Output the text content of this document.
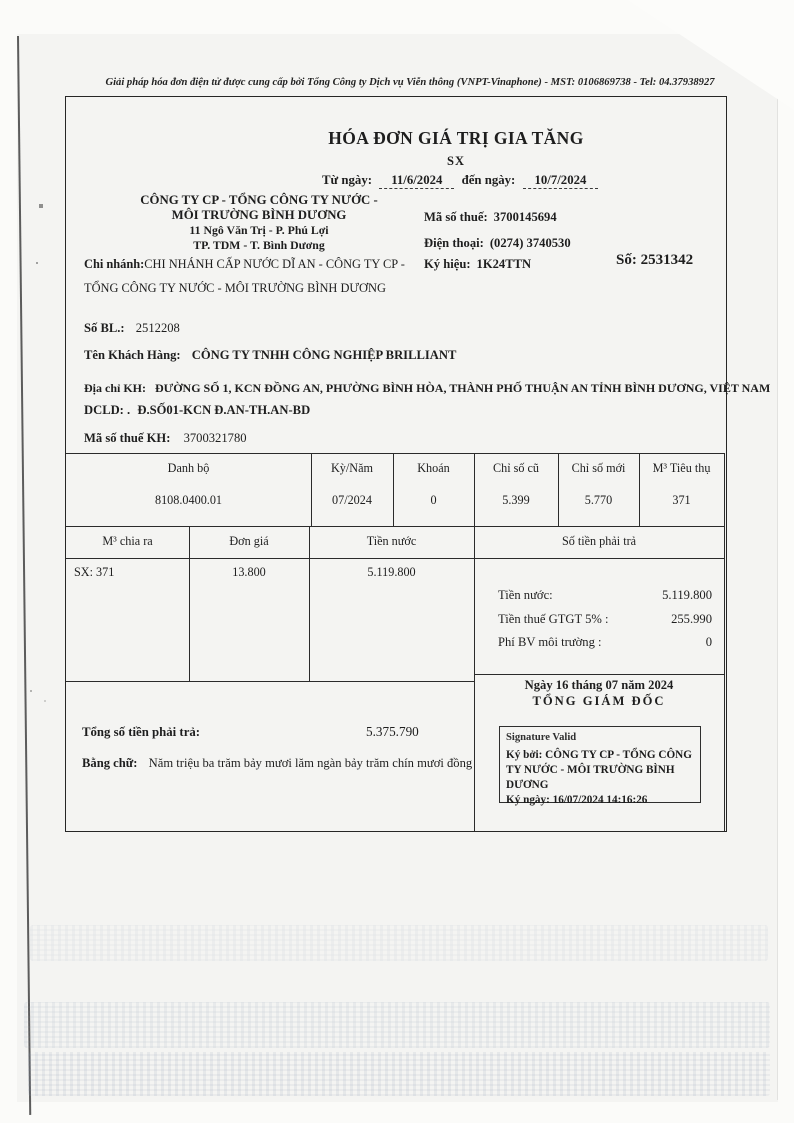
Giải pháp hóa đơn điện tử được cung cấp bởi Tổng Công ty Dịch vụ Viễn thông (VNPT-Vinaphone) - MST: 0106869738 - Tel: 04.37938927
HÓA ĐƠN GIÁ TRỊ GIA TĂNG
SX
Từ ngày: 11/6/2024 đến ngày: 10/7/2024
CÔNG TY CP - TỔNG CÔNG TY NƯỚC -
MÔI TRƯỜNG BÌNH DƯƠNG
11 Ngô Văn Trị - P. Phú Lợi
TP. TDM - T. Bình Dương
Mã số thuế: 3700145694
Điện thoại: (0274) 3740530
Ký hiệu: 1K24TTN	Số: 2531342
Chi nhánh:CHI NHÁNH CẤP NƯỚC DĨ AN - CÔNG TY CP - TỔNG CÔNG TY NƯỚC - MÔI TRƯỜNG BÌNH DƯƠNG
Số BL.: 2512208
Tên Khách Hàng: CÔNG TY TNHH CÔNG NGHIỆP BRILLIANT
Địa chỉ KH: ĐƯỜNG SỐ 1, KCN ĐỒNG AN, PHƯỜNG BÌNH HÒA, THÀNH PHỐ THUẬN AN TỈNH BÌNH DƯƠNG, VIỆT NAM
DCLD: . Đ.SỐ01-KCN Đ.AN-TH.AN-BD
Mã số thuế KH: 3700321780
Danh bộ	Kỳ/Năm	Khoán	Chỉ số cũ	Chỉ số mới	M³ Tiêu thụ
8108.0400.01	07/2024	0	5.399	5.770	371
M³ chia ra	Đơn giá	Tiền nước	Số tiền phải trả
SX: 371	13.800	5.119.800
Tiền nước:	5.119.800
Tiền thuế GTGT 5% :	255.990
Phí BV môi trường :	0
Ngày 16 tháng 07 năm 2024
TỔNG GIÁM ĐỐC
Signature Valid
Ký bởi: CÔNG TY CP - TỔNG CÔNG TY NƯỚC - MÔI TRƯỜNG BÌNH DƯƠNG
Ký ngày: 16/07/2024 14:16:26
Tổng số tiền phải trả:	5.375.790
Bằng chữ: Năm triệu ba trăm bảy mươi lăm ngàn bảy trăm chín mươi đồng
